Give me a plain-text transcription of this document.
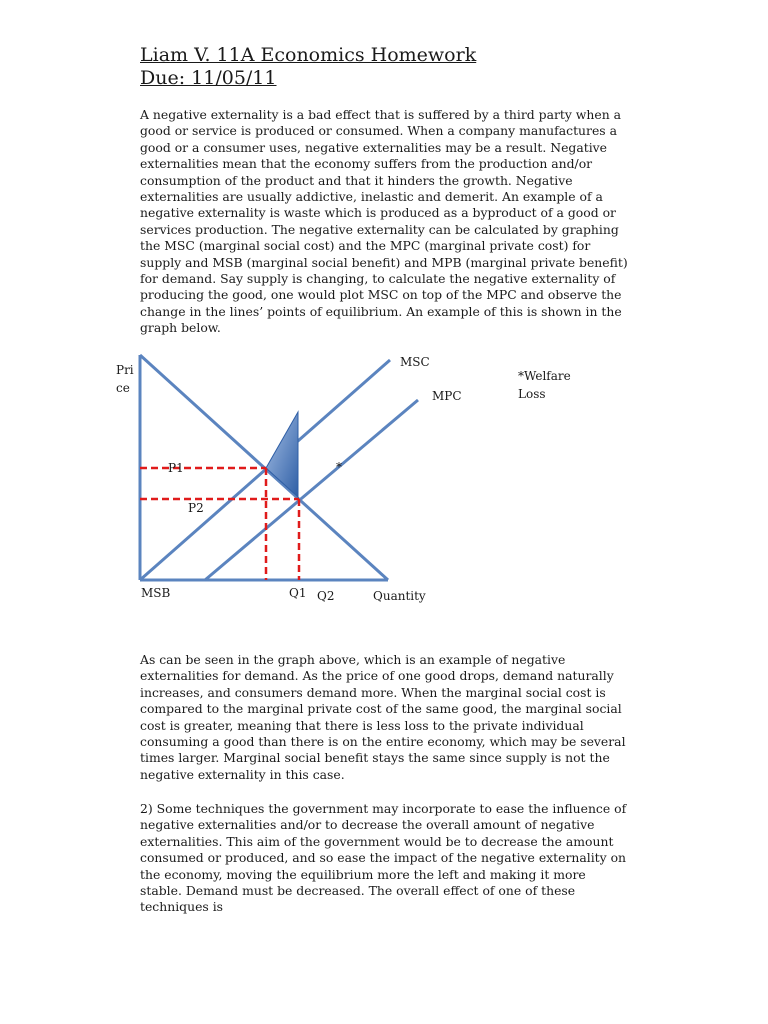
Liam V. 11A Economics Homework
Due: 11/05/11

A negative externality is a bad effect that is suffered by a third party when a good or service is produced or consumed. When a company manufactures a good or a consumer uses, negative externalities may be a result. Negative externalities mean that the economy suffers from the production and/or consumption of the product and that it hinders the growth. Negative externalities are usually addictive, inelastic and demerit. An example of a negative externality is waste which is produced as a byproduct of a good or services production. The negative externality can be calculated by graphing the MSC (marginal social cost) and the MPC (marginal private cost) for supply and MSB (marginal social benefit) and MPB (marginal private benefit) for demand. Say supply is changing, to calculate the negative externality of producing the good, one would plot MSC on top of the MPC and observe the change in the lines’ points of equilibrium. An example of this is shown in the graph below.

Pri
ce
MSC
MPC
*Welfare
Loss
P1
P2
*
MSB	Q1 Q2	Quantity

As can be seen in the graph above, which is an example of negative externalities for demand. As the price of one good drops, demand naturally increases, and consumers demand more. When the marginal social cost is compared to the marginal private cost of the same good, the marginal social cost is greater, meaning that there is less loss to the private individual consuming a good than there is on the entire economy, which may be several times larger. Marginal social benefit stays the same since supply is not the negative externality in this case.

2) Some techniques the government may incorporate to ease the influence of negative externalities and/or to decrease the overall amount of negative externalities. This aim of the government would be to decrease the amount consumed or produced, and so ease the impact of the negative externality on the economy, moving the equilibrium more the left and making it more stable. Demand must be decreased. The overall effect of one of these techniques is
